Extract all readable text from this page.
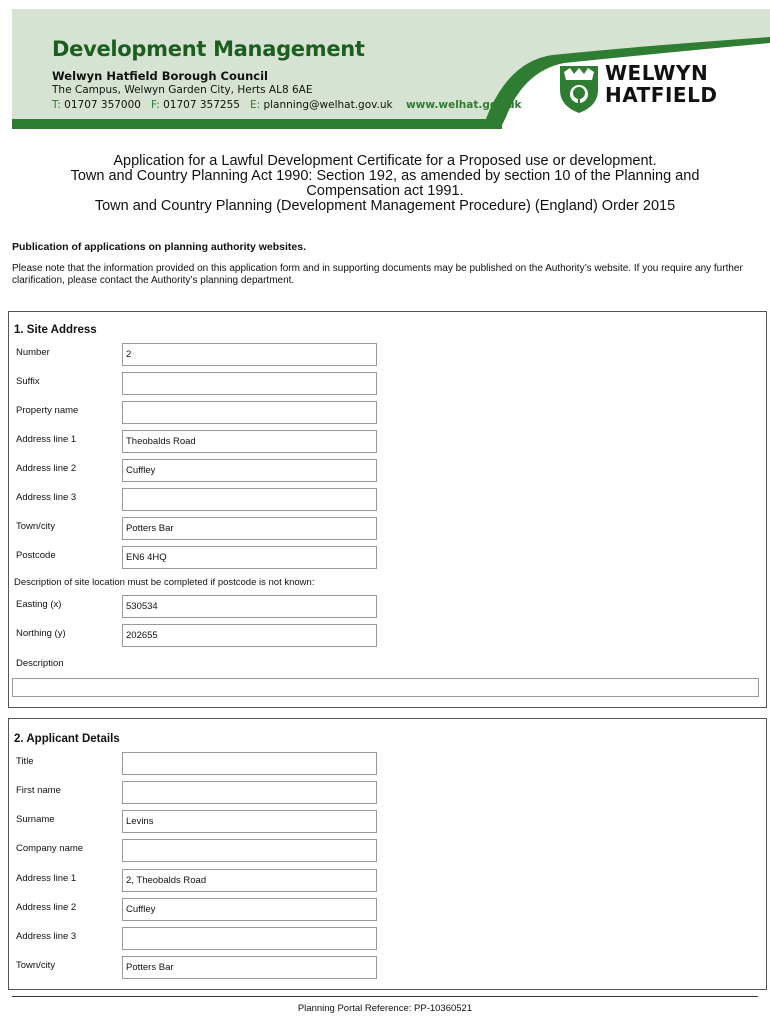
Development Management
Welwyn Hatfield Borough Council
The Campus, Welwyn Garden City, Herts AL8 6AE
T: 01707 357000 F: 01707 357255 E: planning@welhat.gov.uk www.welhat.gov.uk
WELWYN
HATFIELD
Application for a Lawful Development Certificate for a Proposed use or development.
Town and Country Planning Act 1990: Section 192, as amended by section 10 of the Planning and
Compensation act 1991.
Town and Country Planning (Development Management Procedure) (England) Order 2015
Publication of applications on planning authority websites.
Please note that the information provided on this application form and in supporting documents may be published on the Authority’s website. If you require any further clarification, please contact the Authority’s planning department.
1. Site Address
Number	2
Suffix
Property name
Address line 1	Theobalds Road
Address line 2	Cuffley
Address line 3
Town/city	Potters Bar
Postcode	EN6 4HQ
Description of site location must be completed if postcode is not known:
Easting (x)	530534
Northing (y)	202655
Description
2. Applicant Details
Title
First name
Surname	Levins
Company name
Address line 1	2, Theobalds Road
Address line 2	Cuffley
Address line 3
Town/city	Potters Bar
Planning Portal Reference: PP-10360521
